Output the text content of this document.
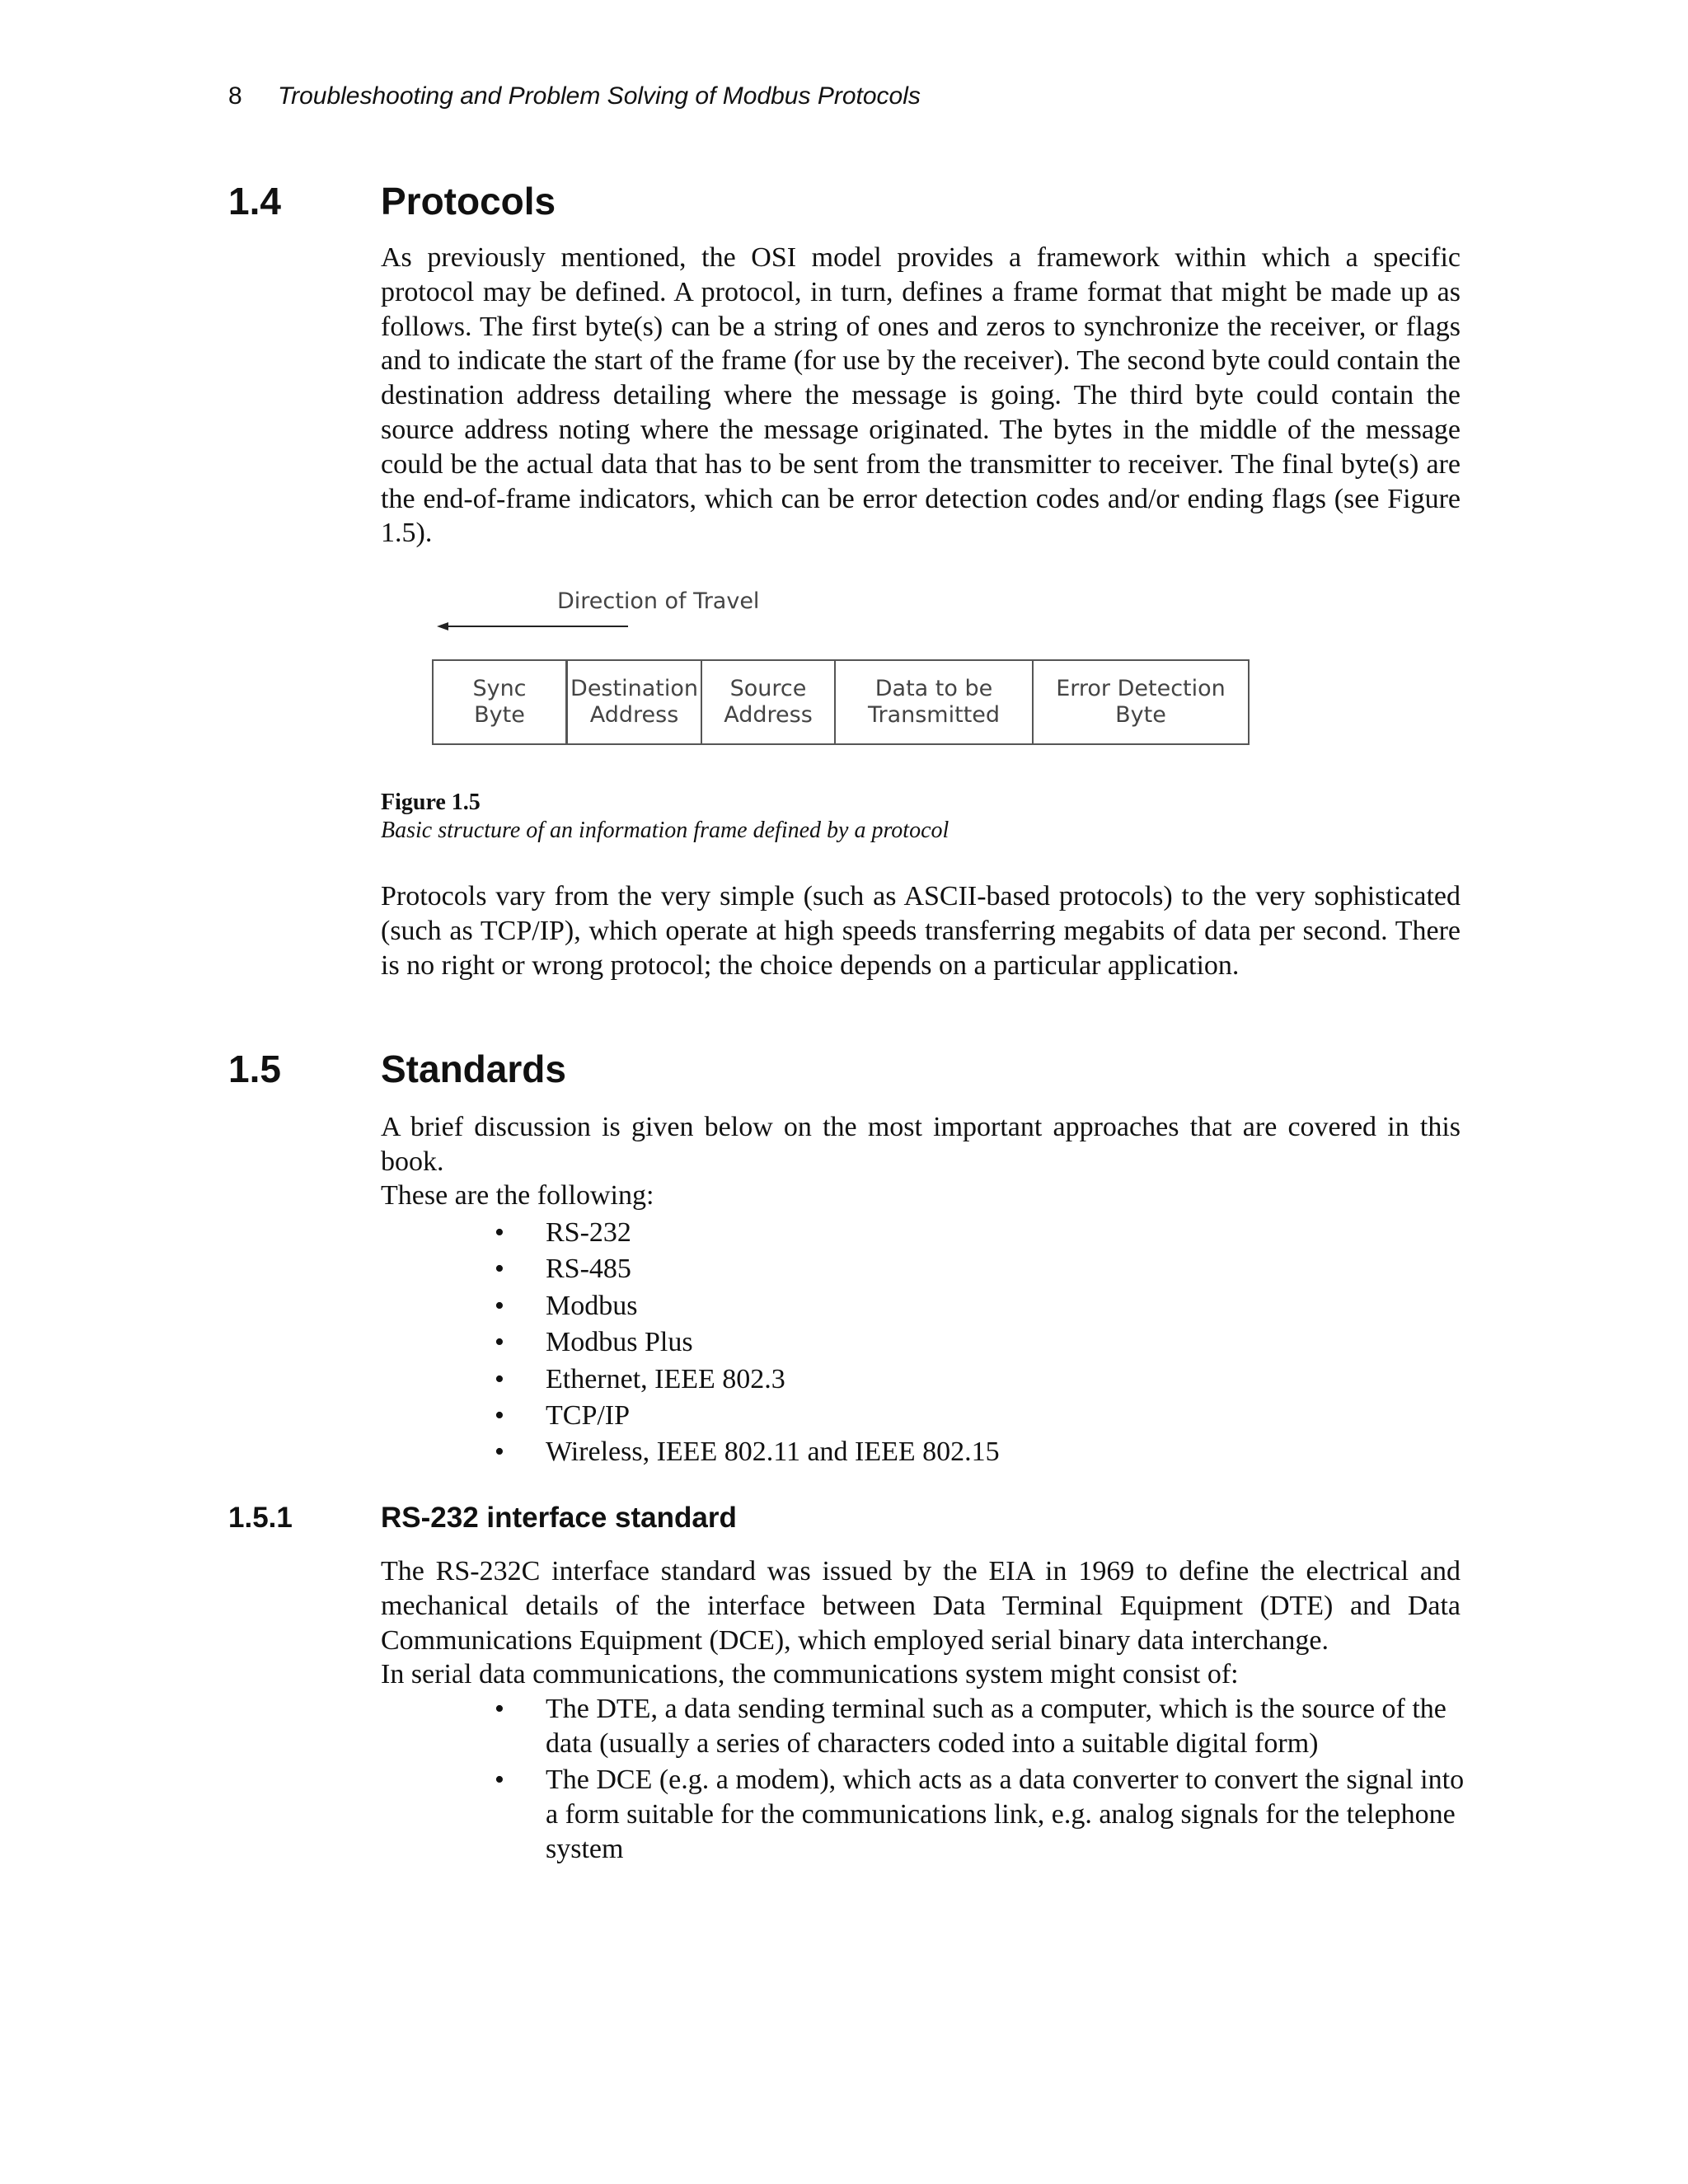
8 Troubleshooting and Problem Solving of Modbus Protocols
1.4	Protocols

As previously mentioned, the OSI model provides a framework within which a specific protocol may be defined. A protocol, in turn, defines a frame format that might be made up as follows. The first byte(s) can be a string of ones and zeros to synchronize the receiver, or flags and to indicate the start of the frame (for use by the receiver). The second byte could contain the destination address detailing where the message is going. The third byte could contain the source address noting where the message originated. The bytes in the middle of the message could be the actual data that has to be sent from the transmitter to receiver. The final byte(s) are the end-of-frame indicators, which can be error detection codes and/or ending flags (see Figure 1.5).

Direction of Travel
Sync
Byte
Destination
Address
Source
Address
Data to be
Transmitted
Error Detection
Byte
Figure 1.5
Basic structure of an information frame defined by a protocol

Protocols vary from the very simple (such as ASCII-based protocols) to the very sophisticated (such as TCP/IP), which operate at high speeds transferring megabits of data per second. There is no right or wrong protocol; the choice depends on a particular application.

1.5	Standards

A brief discussion is given below on the most important approaches that are covered in this book.

These are the following:

• RS-232
• RS-485
• Modbus
• Modbus Plus
• Ethernet, IEEE 802.3
• TCP/IP
• Wireless, IEEE 802.11 and IEEE 802.15
1.5.1	RS-232 interface standard

The RS-232C interface standard was issued by the EIA in 1969 to define the electrical and mechanical details of the interface between Data Terminal Equipment (DTE) and Data Communications Equipment (DCE), which employed serial binary data interchange.

In serial data communications, the communications system might consist of:

• The DTE, a data sending terminal such as a computer, which is the source of the data (usually a series of characters coded into a suitable digital form)
• The DCE (e.g. a modem), which acts as a data converter to convert the signal into a form suitable for the communications link, e.g. analog signals for the telephone system
